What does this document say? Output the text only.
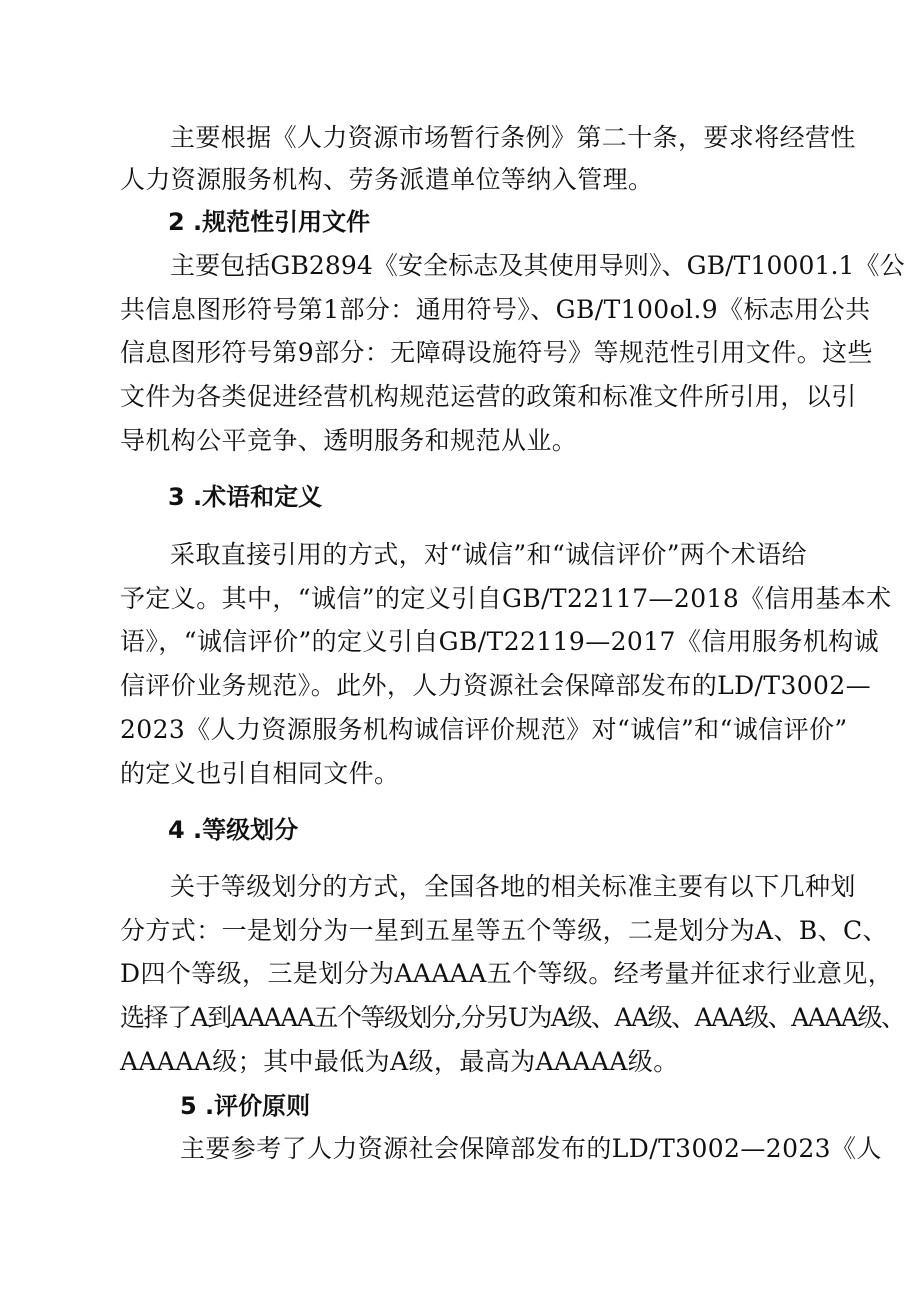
主要根据《人力资源市场暂行条例》第二十条，要求将经营性
人力资源服务机构、劳务派遣单位等纳入管理。
2 .规范性引用文件
主要包括GB2894《安全标志及其使用导则》、GB/T10001.1《公
共信息图形符号第1部分：通用符号》、GB/T100ol.9《标志用公共
信息图形符号第9部分：无障碍设施符号》等规范性引用文件。这些
文件为各类促进经营机构规范运营的政策和标准文件所引用，以引
导机构公平竞争、透明服务和规范从业。
3 .术语和定义
采取直接引用的方式，对“诚信”和“诚信评价”两个术语给
予定义。其中，“诚信”的定义引自GB/T22117—2018《信用基本术
语》，“诚信评价”的定义引自GB/T22119—2017《信用服务机构诚
信评价业务规范》。此外，人力资源社会保障部发布的LD/T3002—
2023《人力资源服务机构诚信评价规范》对“诚信”和“诚信评价”
的定义也引自相同文件。
4 .等级划分
关于等级划分的方式，全国各地的相关标准主要有以下几种划
分方式：一是划分为一星到五星等五个等级，二是划分为A、B、C、
D四个等级，三是划分为AAAAA五个等级。经考量并征求行业意见，
选择了A到AAAAA五个等级划分,分另U为A级、AA级、AAA级、AAAA级、
AAAAA级；其中最低为A级，最高为AAAAA级。
5 .评价原则
主要参考了人力资源社会保障部发布的LD/T3002—2023《人
